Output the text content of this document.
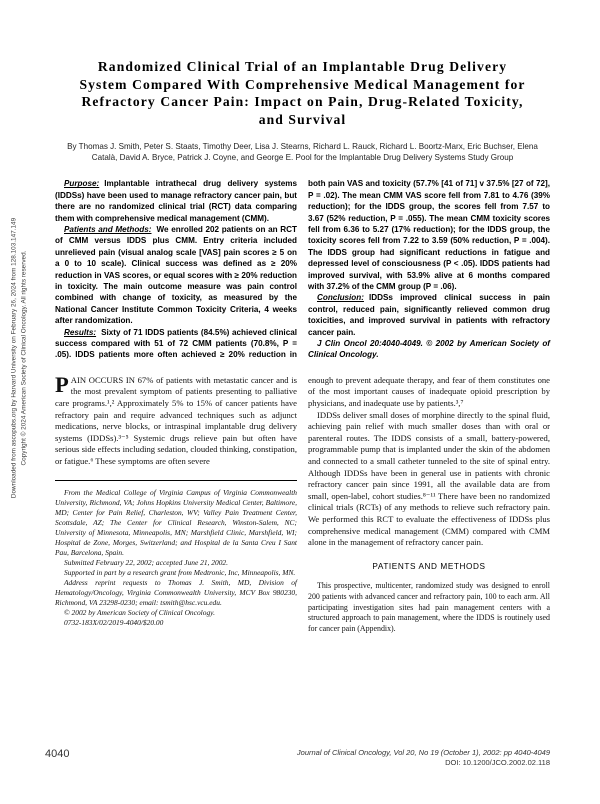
Downloaded from ascopubs.org by Harvard University on February 26, 2024 from 128.103.147.149 Copyright © 2024 American Society of Clinical Oncology. All rights reserved.
Randomized Clinical Trial of an Implantable Drug Delivery System Compared With Comprehensive Medical Management for Refractory Cancer Pain: Impact on Pain, Drug-Related Toxicity, and Survival
By Thomas J. Smith, Peter S. Staats, Timothy Deer, Lisa J. Stearns, Richard L. Rauck, Richard L. Boortz-Marx, Eric Buchser, Elena Català, David A. Bryce, Patrick J. Coyne, and George E. Pool for the Implantable Drug Delivery Systems Study Group

Purpose: Implantable intrathecal drug delivery systems (IDDSs) have been used to manage refractory cancer pain, but there are no randomized clinical trial (RCT) data comparing them with comprehensive medical management (CMM).

Patients and Methods: We enrolled 202 patients on an RCT of CMM versus IDDS plus CMM. Entry criteria included unrelieved pain (visual analog scale [VAS] pain scores ≥ 5 on a 0 to 10 scale). Clinical success was defined as ≥ 20% reduction in VAS scores, or equal scores with ≥ 20% reduction in toxicity. The main outcome measure was pain control combined with change of toxicity, as measured by the National Cancer Institute Common Toxicity Criteria, 4 weeks after randomization.

Results: Sixty of 71 IDDS patients (84.5%) achieved clinical success compared with 51 of 72 CMM patients (70.8%, P = .05). IDDS patients more often achieved ≥ 20% reduction in both pain VAS and toxicity (57.7% [41 of 71] v 37.5% [27 of 72], P = .02). The mean CMM VAS score fell from 7.81 to 4.76 (39% reduction); for the IDDS group, the scores fell from 7.57 to 3.67 (52% reduction, P = .055). The mean CMM toxicity scores fell from 6.36 to 5.27 (17% reduction); for the IDDS group, the toxicity scores fell from 7.22 to 3.59 (50% reduction, P = .004). The IDDS group had significant reductions in fatigue and depressed level of consciousness (P < .05). IDDS patients had improved survival, with 53.9% alive at 6 months compared with 37.2% of the CMM group (P = .06).

Conclusion: IDDSs improved clinical success in pain control, reduced pain, significantly relieved common drug toxicities, and improved survival in patients with refractory cancer pain.

J Clin Oncol 20:4040-4049. © 2002 by American Society of Clinical Oncology.

PAIN OCCURS IN 67% of patients with metastatic cancer and is the most prevalent symptom of patients presenting to palliative care programs.¹,² Approximately 5% to 15% of cancer patients have refractory pain and require advanced techniques such as adjunct medications, nerve blocks, or intraspinal implantable drug delivery systems (IDDSs).³⁻⁵ Systemic drugs relieve pain but often have serious side effects including sedation, clouded thinking, constipation, or fatigue.⁶ These symptoms are often severe

From the Medical College of Virginia Campus of Virginia Commonwealth University, Richmond, VA; Johns Hopkins University Medical Center, Baltimore, MD; Center for Pain Relief, Charleston, WV; Valley Pain Treatment Center, Scottsdale, AZ; The Center for Clinical Research, Winston-Salem, NC; University of Minnesota, Minneapolis, MN; Marshfield Clinic, Marshfield, WI; Hospital de Zone, Morges, Switzerland; and Hospital de la Santa Creu I Sant Pau, Barcelona, Spain.

Submitted February 22, 2002; accepted June 21, 2002.

Supported in part by a research grant from Medtronic, Inc, Minneapolis, MN.

Address reprint requests to Thomas J. Smith, MD, Division of Hematology/Oncology, Virginia Commonwealth University, MCV Box 980230, Richmond, VA 23298-0230; email: tsmith@hsc.vcu.edu.

© 2002 by American Society of Clinical Oncology.

0732-183X/02/2019-4040/$20.00

enough to prevent adequate therapy, and fear of them constitutes one of the most important causes of inadequate opioid prescription by physicians, and inadequate use by patients.³,⁷

IDDSs deliver small doses of morphine directly to the spinal fluid, achieving pain relief with much smaller doses than with oral or parenteral routes. The IDDS consists of a small, battery-powered, programmable pump that is implanted under the skin of the abdomen and connected to a small catheter tunneled to the site of spinal entry. Although IDDSs have been in general use in patients with chronic refractory cancer pain since 1991, all the available data are from small, open-label, cohort studies.⁸⁻¹¹ There have been no randomized clinical trials (RCTs) of any methods to relieve such refractory pain. We performed this RCT to evaluate the effectiveness of IDDSs plus comprehensive medical management (CMM) compared with CMM alone in the management of refractory cancer pain.

PATIENTS AND METHODS

This prospective, multicenter, randomized study was designed to enroll 200 patients with advanced cancer and refractory pain, 100 to each arm. All participating investigation sites had pain management centers with a structured approach to pain management, where the IDDS is routinely used for cancer pain (Appendix).

4040	Journal of Clinical Oncology, Vol 20, No 19 (October 1), 2002: pp 4040-4049
DOI: 10.1200/JCO.2002.02.118
